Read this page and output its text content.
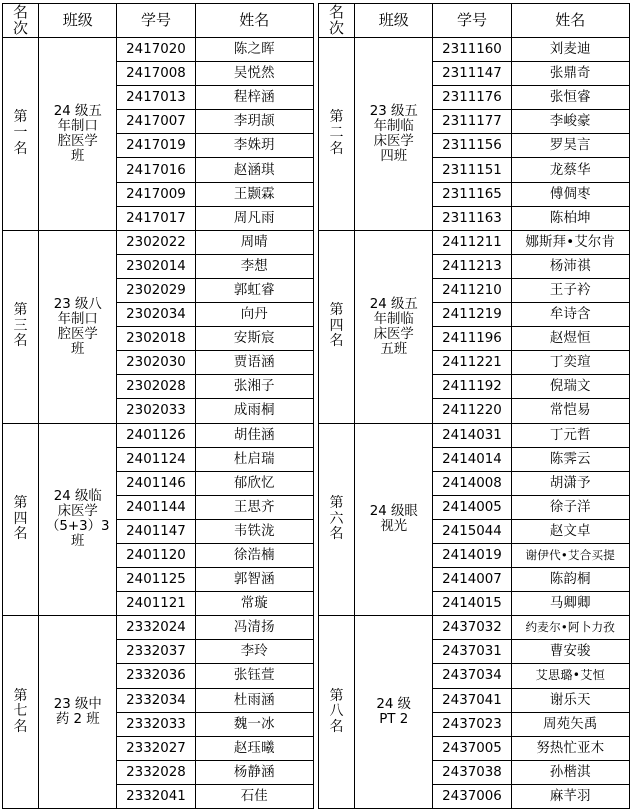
名
次	班级	学号	姓名

第
一
名	24 级五
年制口
腔医学
班	2417020	陈之晖
		2417008	吴悦然
		2417013	程梓涵
		2417007	李玥颉
		2417019	李姝玥
		2417016	赵涵琪
		2417009	王颢霖
		2417017	周凡雨

第
三
名	23 级八
年制口
腔医学
班	2302022	周晴
		2302014	李想
		2302029	郭虹睿
		2302034	向丹
		2302018	安斯宸
		2302030	贾语涵
		2302028	张湘子
		2302033	成雨桐

第
四
名	24 级临
床医学
（5+3）3
班	2401126	胡佳涵
		2401124	杜启瑞
		2401146	郁欣忆
		2401144	王思齐
		2401147	韦铁泷
		2401120	徐浩楠
		2401125	郭智涵
		2401121	常璇

第
七
名	23 级中
药 2 班	2332024	冯清扬
		2332037	李玲
		2332036	张钰萱
		2332034	杜雨涵
		2332033	魏一冰
		2332027	赵珏曦
		2332028	杨静涵
		2332041	石佳
名
次	班级	学号	姓名

第
二
名	23 级五
年制临
床医学
四班	2311160	刘麦迪
		2311147	张鼎奇
		2311176	张恒睿
		2311177	李峻豪
		2311156	罗昊言
		2311151	龙蔡华
		2311165	傅倜枣
		2311163	陈柏坤

第
四
名	24 级五
年制临
床医学
五班	2411211	娜斯拜•艾尔肯
		2411213	杨沛祺
		2411210	王子衿
		2411219	牟诗含
		2411196	赵煜恒
		2411221	丁奕瑄
		2411192	倪瑞文
		2411220	常恺易

第
六
名	24 级眼
视光	2414031	丁元哲
		2414014	陈霁云
		2414008	胡潇予
		2414005	徐子洋
		2415044	赵文卓
		2414019	谢伊代•艾合买提
		2414007	陈韵桐
		2414015	马卿卿

第
八
名	24 级
PT 2	2437032	约麦尔•阿卜力孜
		2437031	曹安骏
		2437034	艾思璐•艾恒
		2437041	谢乐天
		2437023	周苑矢禹
		2437005	努热忙亚木
		2437038	孙楷淇
		2437006	麻芊羽
